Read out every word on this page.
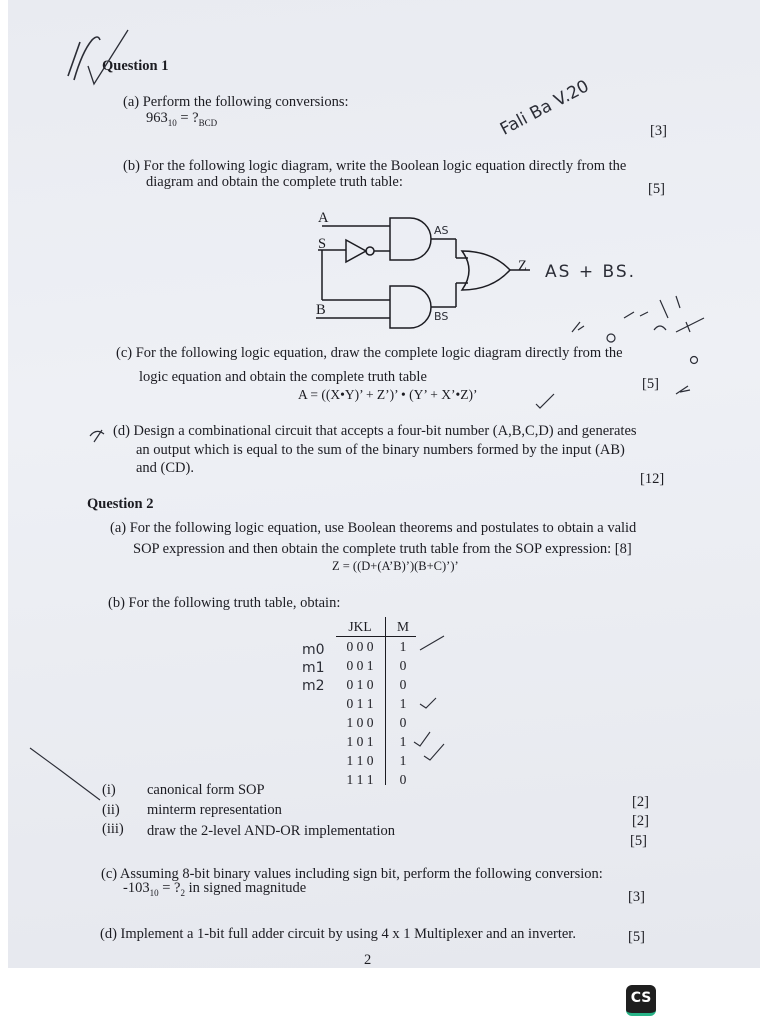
Question 1
(a) Perform the following conversions:
$963_{10}$ = $?_{BCD}$
[3]
Fali Ba V.20
(b) For the following logic diagram, write the Boolean logic equation directly from the
diagram and obtain the complete truth table:	[5]
A
S
B
Z
AS
BS
AS + BS.
(c) For the following logic equation, draw the complete logic diagram directly from the
logic equation and obtain the complete truth table	[5]
A = ((X•Y)’ + Z’)’ • (Y’ + X’•Z)’
(d) Design a combinational circuit that accepts a four-bit number (A,B,C,D) and generates
an output which is equal to the sum of the binary numbers formed by the input (AB)
and (CD).
[12]
Question 2
(a) For the following logic equation, use Boolean theorems and postulates to obtain a valid
SOP expression and then obtain the complete truth table from the SOP expression: [8]
Z = ((D+(A’B)’)(B+C)’)’
(b) For the following truth table, obtain:
JKL	M
0 0 0	1
0 0 1	0
0 1 0	0
0 1 1	1
1 0 0	0
1 0 1	1
1 1 0	1
1 1 1	0
m0
m1
m2
(i) canonical form SOP
[2]
(ii) minterm representation
[2]
(iii) draw the 2-level AND-OR implementation
[5]
(c) Assuming 8-bit binary values including sign bit, perform the following conversion:
$-103_{10}$ = $?_2$ in signed magnitude
[3]
(d) Implement a 1-bit full adder circuit by using 4 x 1 Multiplexer and an inverter.	[5]
2
CS
